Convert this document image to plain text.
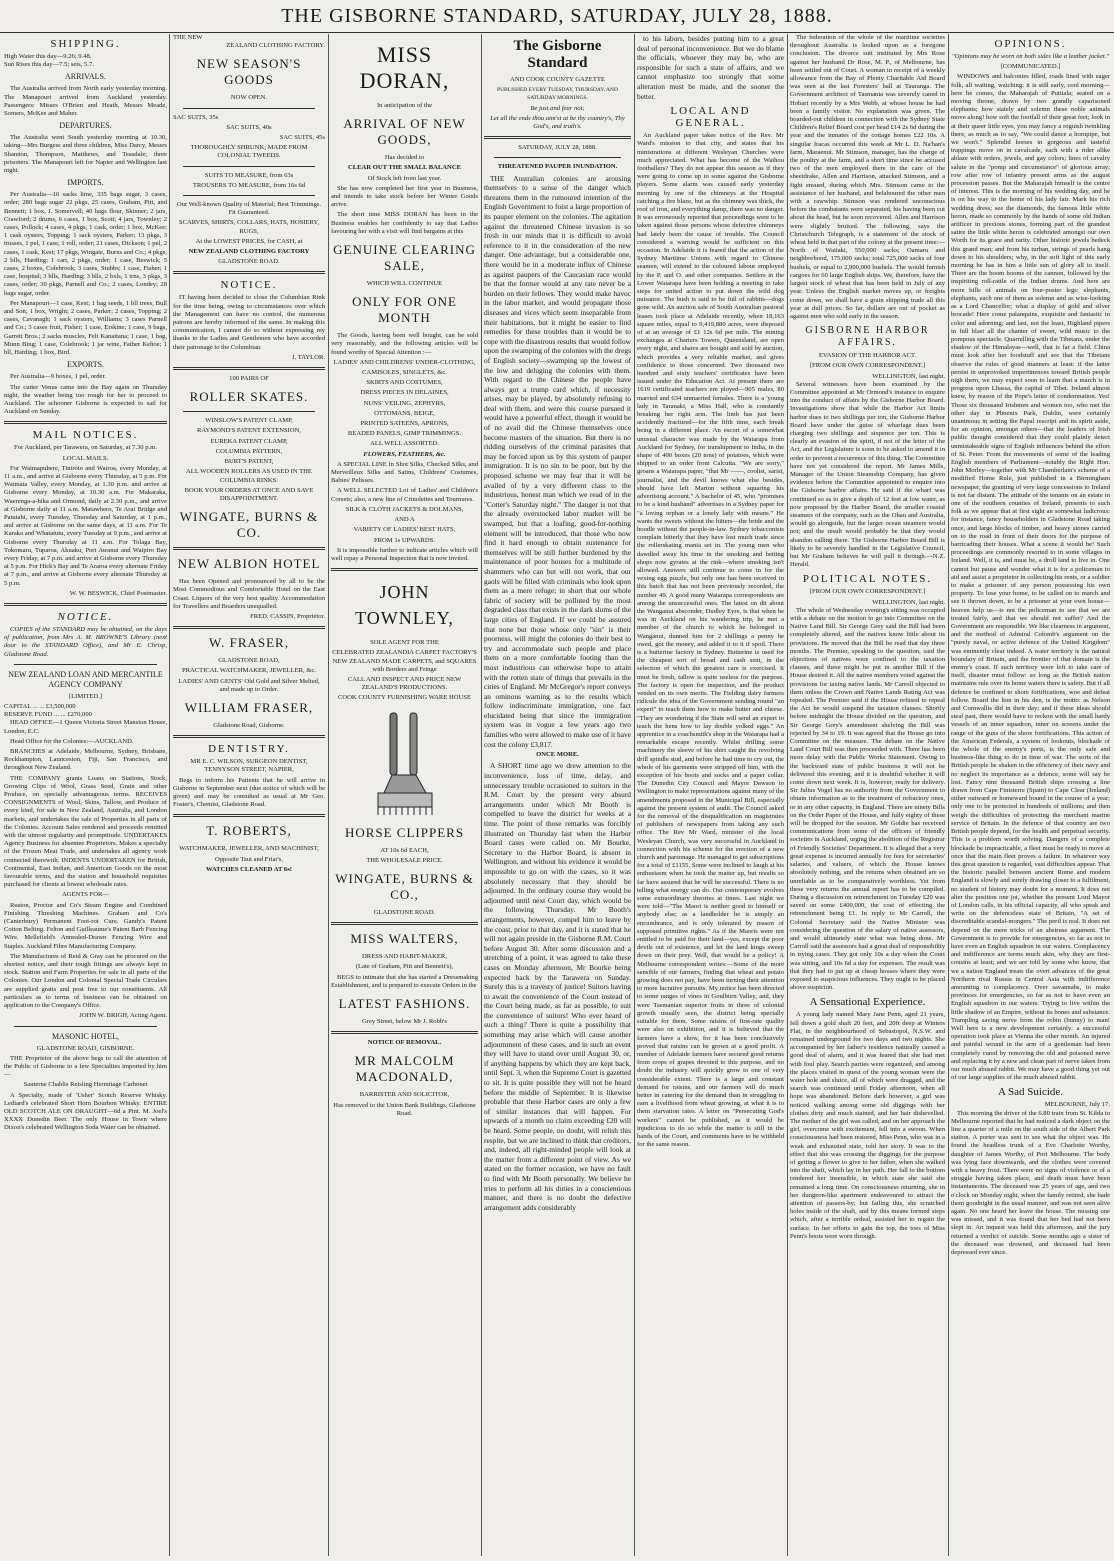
THE GISBORNE STANDARD, SATURDAY, JULY 28, 1888.
SHIPPING.
High Water this day—9.26; 9.48.
Sun Rises this day—7.5; sets, 5.7.
ARRIVALS.

The Australia arrived from North early yesterday morning. The Manapouri arrived from Auckland yesterday. Passengers: Misses O'Brien and Heath, Messrs Meade, Somers, McKee and Maher.

DEPARTURES.

The Australia went South yesterday morning at 10.30, taking—Mrs Burgess and three children, Miss Darcy, Messrs Shannon, Thompson, Matthews, and Teasdale; three prisoners. The Manapouri left for Napier and Wellington last night.

IMPORTS.

Per Australia—10 sacks lime, 335 bags sugar, 3 cases, order; 280 bags sugar 22 pkgs, 25 cases, Graham, Pitt, and Bennett; 1 box, J. Somervell; 40 bags flour, Skinner; 2 jars, Crawford; 2 drums, 6 cases, 1 box, Scott; 4 jars, Townley; 2 cases, Pollock; 4 cases, 4 pkgs, 1 cask, order; 1 box, McKee; 1 cask oysters, Topping; 1 sack oysters, Parker; 13 pkgs, 3 trusses, 1 pel, 1 case, 1 roll, order; 21 cases, Dickson; 1 pel, 2 cases, 1 cask, Kest; 17 pkgs, Wingate, Burns and Co.; 4 pkgs, 2 blls, Harding; 1 cart, 2 pkgs, order; 1 case, Beswick; 5 cases, 2 boxes, Colebrook; 3 cases, Stubbs; 1 case, Fisher; 1 case, hospital; 3 blls, Harding; 3 blls, 2 bxls, 1 trns, 3 pkgs, 3 cases, order; 30 pkgs, Parnell and Co.; 2 cases, Londey; 28 bags sugar, order.

Per Manapouri—1 case, Kest; 1 bag seeds, 1 bll trees, Bull and Son; 1 box, Wright; 2 cases, Parker; 2 cases, Topping; 2 cases, Cavanagh; 1 sack oysters, Williams; 3 cases Parnell and Co.; 3 cases fruit, Fisher; 1 case, Erskine; 1 case, 9 bags, Garrett Bros.; 2 sacks muscles, Feli Kanaitana; 1 case, 1 bag, Munn Bing; 1 case, Colebrook; 1 jar wine, Father Kehoe; 1 bll, Harding; 1 box, Bird.

EXPORTS.

Per Australia—9 boxes, 1 pel, order.

The cutter Venus came into the Bay again on Thursday night, the weather being too rough for her to proceed to Auckland. The schooner Gisborne is expected to sail for Auckland on Sunday.

MAIL NOTICES.
For Auckland, per Tarawera, on Saturday, at 7.30 p.m.
LOCAL MAILS.

For Waimapuhere, Tiniroto and Wairoa, every Monday, at 11 a.m., and arrive at Gisborne every Thursday, at 5 p.m. For Waimata Valley, every Monday, at 1.30 p.m. and arrive at Gisborne every Monday, at 10.30 a.m. For Makaraka, Waerenga-a-hika and Ormond, daily at 2.30 p.m., and arrive at Gisborne daily at 11 a.m. Matawhero, Te Arai Bridge and Patutahi, every Tuesday, Thursday and Saturday, at 1 p.m., and arrive at Gisborne on the same days, at 11 a.m. For Te Karaka and Whatatutu, every Tuesday at 9 p.m., and arrive at Gisborne every Thursday at 11 a.m. For Tolaga Bay, Tokomaru, Tuparoa, Akuaku, Port Awanui and Waipiro Bay every Friday, at 7 p.m. and arrive at Gisborne every Thursday at 5 p.m. For Hick's Bay and Te Araroa every alternate Friday at 7 p.m., and arrive at Gisborne every alternate Thursday at 5 p.m.

W. W. BESWICK, Chief Postmaster.
NOTICE.

COPIES of the STANDARD may be obtained, on the days of publication, from Mrs A. M. BROWNE'S Library (next door to the STANDARD Office), and Mr E. Chrisp, Gladstone Road.

NEW ZEALAND LOAN AND MERCANTILE AGENCY COMPANY
[LIMITED.]
CAPITAL ... ... £3,500,000
RESERVE FUND ... ... £270,000

HEAD OFFICE—1 Queen Victoria Street Mansion House, London, E.C.

Head Office for the Colonies:—AUCKLAND.

BRANCHES at Adelaide, Melbourne, Sydney, Brisbane, Rockhampton, Launceston, Fiji, San Francisco, and throughout New Zealand.

THE COMPANY grants Loans on Stations, Stock, Growing Clips of Wool, Grass Seed, Grain and other Produce, on specially advantageous terms. RECEIVES CONSIGNMENTS of Wool, Skins, Tallow, and Produce of every kind, for sale in New Zealand, Australia, and London markets, and undertakes the sale of Properties in all parts of the Colonies. Account Sales rendered and proceeds remitted with the utmost regularity and promptitude. UNDERTAKES Agency Business for absentee Proprietors. Makes a specialty of the Frozen Meat Trade, and undertakes all agency work connected therewith. INDENTS UNDERTAKEN for British, Continental, East Indian, and American Goods on the most favourable terms, and the station and household requisites purchased for clients at lowest wholesale rates.

AGENTS FOR—

Ruston, Proctor and Co's Steam Engine and Combined Finishing Threshing Machines. Graham and Co's (Canterbury) Permanent Foot-rot Cure. Gandy's Patent Cotton Belting. Felton and Guilleaume's Patent Barb Fencing Wire. Mellefield's Annealed-Drawn Fencing Wire and Staples. Auckland Fibre Manufacturing Company.

The Manufactures of Reid & Gray can be procured on the shortest notice, and their tough fittings are always kept in stock. Station and Farm Properties for sale in all parts of the Colonies. Our London and Colonial Special Trade Circulars are supplied gratis and post free to our constituents. All particulars as to terms of business can be obtained on application to the Company's Office.

JOHN W. BRIGH, Acting Agent.
MASONIC HOTEL,
GLADSTONE ROAD, GISBORNE.

THE Proprietor of the above begs to call the attention of the Public of Gisborne to a few Specialties imported by him—

Sauterne Chablis Reisling Hermitage Carbonet

A Specialty, made of 'Usher' Scotch Reserve Whisky. Lediard's celebrated Short Horn Bourbon Whisky. ENTIRE OLD SCOTCH ALE ON DRAUGHT—6d a Pint. M. Joel's XXXX Dunedin Beer. The only House in Town where Dixon's celebrated Wellington Soda Water can be obtained.

THE NEW
ZEALAND CLOTHING FACTORY.
NEW SEASON'S GOODS
NOW OPEN.
SAC SUITS, 35s
SAC SUITS, 40s
SAC SUITS, 45s
THOROUGHLY SHRUNK; MADE FROM COLONIAL TWEEDS.
SUITS TO MEASURE, from 63s
TROUSERS TO MEASURE, from 16s 6d
Our Well-known Quality of Material; Best Trimmings. Fit Guaranteed.
SCARVES, SHIRTS, COLLARS, HATS, HOSIERY, RUGS,
At the LOWEST PRICES, for CASH, at
NEW ZEALAND CLOTHING FACTORY
GLADSTONE ROAD.
NOTICE.

IT having been decided to close the Columbian Rink for the time being, owing to circumstances over which the Management can have no control, the numerous patrons are hereby informed of the same. In making this communication, I cannot do so without expressing my thanks to the Ladies and Gentlemen who have accorded their patronage to the Columbian.

J. TAYLOR.
100 PAIRS OF
ROLLER SKATES.
WINSLOW'S PATENT CLAMP,
RAYMOND'S PATENT EXTENSION,
EUREKA PATENT CLAMP,
COLUMBIA PATTERN,
BURT'S PATENT,
ALL WOODEN ROLLERS AS USED IN THE COLUMBIA RINKS.
BOOK YOUR ORDERS AT ONCE AND SAVE DISAPPOINTMENT.
WINGATE, BURNS & CO.
NEW ALBION HOTEL

Has been Opened and pronounced by all to be the Most Commodious and Comfortable Hotel on the East Coast. Liquors of the very best quality. Accommodation for Travellers and Boarders unequalled.

FRED. CASSIN, Proprietor.
W. FRASER,
GLADSTONE ROAD,
PRACTICAL WATCHMAKER, JEWELLER, &c.
LADIES' AND GENTS' Old Gold and Silver Melted, and made up to Order.
WILLIAM FRASER,
Gladstone Road, Gisborne.
DENTISTRY.
MR E. C. WILSON, SURGEON DENTIST, TENNYSON STREET, NAPIER,

Begs to inform his Patients that he will arrive in Gisborne in September next (due notice of which will be given) and may be consulted as usual at Mr Geo. Foster's, Chemist, Gladstone Road.

T. ROBERTS,
WATCHMAKER, JEWELLER, AND MACHINIST,
Opposite Taut and Friar's,
WATCHES CLEANED AT 6s!
MISS DORAN,
In anticipation of the
ARRIVAL OF NEW GOODS,
Has decided to
CLEAR OUT THE SMALL BALANCE
Of Stock left from last year.

She has now completed her first year in Business, and intends to take stock before her Winter Goods arrive.

The short time MISS DORAN has been in the Business enables her confidently to say that Ladies favouring her with a visit will find bargains at this

GENUINE CLEARING SALE,
WHICH WILL CONTINUE
ONLY FOR ONE MONTH

The Goods, having been well bought, can be sold very reasonably, and the following articles will be found worthy of Special Attention :—

LADIES' AND CHILDRENS' UNDER-CLOTHING,
CAMISOLES, SINGLETS, &c.
SKIRTS AND COSTUMES,
DRESS PIECES IN DELAINES,
NUNS' VEILING, ZEPHYRS,
OTTOMANS, BEIGE,
PRINTED SATEENS, APRONS,
BEADED PANELS, GIMP TRIMMINGS.
ALL WELL ASSORTED.
FLOWERS, FEATHERS, &c.

A SPECIAL LINE in Shot Silks, Checked Silks, and Merveilleux Silks and Satins, Childrens' Costumes, Babies' Pelisses.

A WELL SELECTED Lot of Ladies' and Children's Corsets; also, a new line of Crinolettes and Tournures.

SILK & CLOTH JACKETS & DOLMANS,
AND A
VARIETY OF LADIES' BEST HATS,
FROM 1s UPWARDS.

It is impossible further to indicate articles which will well repay a Personal Inspection that is now invited.

JOHN TOWNLEY,
SOLE AGENT FOR THE
CELEBRATED ZEALANDIA CARPET FACTORY'S NEW ZEALAND MADE CARPETS, and SQUARES with Borders and Fringe
CALL AND INSPECT AND PRICE NEW ZEALAND'S PRODUCTIONS.
COOK COUNTY FURNISHING WARE HOUSE
HORSE CLIPPERS
AT 10s 6d EACH,
THE WHOLESALE PRICE.
WINGATE, BURNS & CO.,
GLADSTONE ROAD.
MISS WALTERS,
DRESS AND HABIT-MAKER,
(Late of Graham, Pitt and Bennett's),

BEGS to intimate that she has started a Dressmaking Establishment, and is prepared to execute Orders in the

LATEST FASHIONS.
Grey Street, below Mr J. Robb's
NOTICE OF REMOVAL.
MR MALCOLM MACDONALD,
BARRISTER AND SOLICITOR,
Has removed to the Union Bank Buildings, Gladstone Road.
The Gisborne Standard
AND COOK COUNTY GAZETTE
PUBLISHED EVERY TUESDAY, THURSDAY, AND SATURDAY MORNINGS.
Be just and fear not;
Let all the ends thou aim'st at be thy country's, Thy God's, and truth's.
SATURDAY, JULY 28, 1888.
THREATENED PAUPER INUNDATION.

THE Australian colonies are arousing themselves to a sense of the danger which threatens them in the rumoured intention of the English Government to foist a large proportion of its pauper element on the colonies. The agitation against the threatened Chinese invasion is so fresh in our minds that it is difficult to avoid reference to it in the consideration of the new danger. One advantage, but a considerable one, there would be in a moderate influx of Chinese as against paupers of the Caucasian race would be that the former would at any rate never be a burden on their fellows. They would make havoc in the labor market, and would propagate those diseases and vices which seem inseparable from their habitations, but it might be easier to find remedies for these troubles than it would be to cope with the disastrous results that would follow upon the swamping of the colonies with the dregs of English society—swamping up the lowest of the low and deluging the colonies with them. With regard to the Chinese the people have always got a trump card which, if necessity arises, may be played, by absolutely refusing to deal with them, and were this course pursued it would have a powerful effect, though it would be of no avail did the Chinese themselves once become masters of the situation. But there is no ridding ourselves of the criminal parasites that may be forced upon us by this system of pauper immigration. It is no sin to be poor, but by the proposed scheme we may fear that it will be availed of by a very different class to the industrious, honest man which we read of in the "Cotter's Saturday night." The danger is not that the already overstocked labor market will be swamped, but that a loafing, good-for-nothing element will be introduced, that those who now find it hard enough to obtain sustenance for themselves will be still further burdened by the maintenance of poor houses for a multitude of shammers who can but will not work, that our gaols will be filled with criminals who look upon them as a mere refuge; in short that our whole fabric of society will be polluted by the most degraded class that exists in the dark slums of the large cities of England. If we could be assured that none but those whose only "sin" is their poorness, will might the colonies do their best to try and accommodate such people and place them on a more comfortable footing than the most industrious can otherwise hope to attain with the rotten state of things that prevails in the cities of England. Mr McGregor's report conveys an ominous warning as to the results which follow indiscriminate immigration, one fact elucidated being that since the immigration system was in vogue a few years ago two families who were allowed to make use of it have cost the colony £3,817.

ONCE MORE.

A SHORT time ago we drew attention to the inconvenience, loss of time, delay, and unnecessary trouble occasioned to suitors in the R.M. Court by the present very absurd arrangements under which Mr Booth is compelled to leave the district for weeks at a time. The point of those remarks was forcibly illustrated on Thursday last when the Harbor Board cases were called on. Mr Bourke, Secretary to the Harbor Board, is absent in Wellington, and without his evidence it would be impossible to go on with the cases, so it was absolutely necessary that they should be adjourned. In the ordinary course they would be adjourned until next Court day, which would be the following Thursday. Mr Booth's arrangements, however, compel him to leave by the coast, prior to that day, and it is stated that he will not again preside in the Gisborne R.M. Court before August 30. After some discussion and a stretching of a point, it was agreed to take these cases on Monday afternoon, Mr Bourke being expected back by the Tarawera on Sunday. Surely this is a travesty of justice! Suitors having to await the convenience of the Court instead of the Court being made, as far as possible, to suit the convenience of suitors! Who ever heard of such a thing? There is quite a possibility that something may arise which will cause another adjournment of these cases, and in such an event they will have to stand over until August 30, or, if anything happens by which they are kept back, until Sept. 3, when the Supreme Court is gazetted to sit. It is quite possible they will not be heard before the middle of September. It is likewise probable that these Harbor cases are only a few of similar instances that will happen. For upwards of a month no claim exceeding £20 will be heard. Some people, no doubt, will relish this respite, but we are inclined to think that creditors, and, indeed, all right-minded people will look at the matter from a different point of view. As we stated on the former occasion, we have no fault to find with Mr Booth personally. We believe he tries to perform all his duties in a conscientious manner, and there is no doubt the defective arrangement adds considerably

to his labors, besides putting him to a great deal of personal inconvenience. But we do blame the officials, whoever they may be, who are responsible for such a state of affairs, and we cannot emphasize too strongly that some alteration must be made, and the sooner the better.

LOCAL AND GENERAL.

An Auckland paper takes notice of the Rev. Mr Ward's mission to that city, and states that his ministrations at different Wesleyan Churches were much appreciated. What has become of the Waihou footballers? They do not appear this season as if they were going to come up to some against the Gisborne players. Some alarm was caused early yesterday morning by one of the chimneys at the Hospital catching a fire blaze, but as the chimney was thick, the roof of iron, and everything damp, there was no danger. It was erroneously reported that proceedings were to be taken against those persons whose defective chimneys had lately been the cause of trouble. The Council considered a warning would be sufficient on this occasion. In Adelaide it is feared that the action of the Sydney Maritime Unions with regard to Chinese seamen, will extend to the coloured labour employed by the P. and O. and other companies. Settlers in the Lower Waiarapa have been holding a meeting to take steps for united action to put down the wild dog nuisance. The bush is said to be full of rabbits—dogs gone wild. An auction sale of South Australian pastoral leases took place at Adelaide recently, when 18,163 square miles, equal to 9,419,880 acres, were disposed of at an average of £1 12s 6d per mile. The mining exchanges at Charters Towers, Queensland, are open every night, and shares are bought and sold by auction, which provides a very reliable market, and gives confidence to those concerned. Two thousand two hundred and sixty teachers' certificates have been issued under the Education Act. At present there are 1619 certificated teachers em ployed—905 males, 80 married and 634 unmarried females. There is a 'young lady in Taranaki, a Miss Hall, who is constantly breaking her right arm. The limb has just been accidently fractured—for the fifth time, each break being in a different place. An escort of a somewhat unusual character was made by the Waiarapa from Auckland for Sydney, for transhipment to India, in the shape of 400 boxes (20 tons) of potatoes, which were shipped to an order from Calcutta. "We are sorry," groans a Waiarapa paper, "that Mr ——, coolist, sarist, journalist, and the devil knows what else besides, should have left Marton without squaring his advertising account." A bachelor of 45, who "promises to be a kind husband" advertises in a Sydney paper for "a loving orphan or a lonely lady with means." He wants the sweets without the bitters—the bride and the hoodle without the people-in-law. Sydney tobacconists complain bitterly that they have lost much trade since the rollerskating mania set in. The young men who dawdled away his time in the smoking and betting shops now gyrates at the rink—where smoking isn't allowed. Answers still continue to come in for the vexing egg puzzle, but only one has been received in this batch that has not been previously recorded, the number 49. A good many Waiarapa correspondents are among the unsuccessful ones. The latest on dit about the Wanganui absconder, Dudley Eyre, is that when he was in Auckland on his wandering trip, he met a member of the church to which he belonged in Wanganui, dunned him for 2 shillings a penny he owed, got the money, and added it to it if spoil. There is a butterine factory in Sydney. Butterine is used for the cheapest sort of bread and cash sent, in the selection of which the greatest care is exercised. It must be fresh, tallow is quite useless for the purpose. The factory is open for inspection, and the product vended on its own merits. The Fielding dairy farmers ridicule the idea of the Government sending round "an expert" to teach them how to make butter and cheese. "They are wondering if the State will send an expert to teach the hens how to lay double yolked eggs." An apprentice in a coachsmith's shop in the Waiarapa had a remarkable escape recently. Whilst drilling some machinery the sleeve of his shirt caught the revolving drill spindle stud, and before he had time to cry out, the whole of his garments were stripped off him, with the exception of his boots and socks and a paper collar. The Dunedin City Council and Mayor Dawson to Wellington to make representations against many of the amendments proposed in the Municipal Bill, especially against the present system of audit. The Council asked for the removal of the disqualification on magistrates of publishers of newspapers from taking any such office. The Rev Mr Ward, minister of the local Wesleyan Church, was very successful in Auckland in connection with his scheme for the erection of a new church and parsonage. He managed to get subscriptions for a total of £1155. Some were inclined to laugh at his enthusiasm when he took the matter up, but results so far have assured that he will be successful. There is no telling what energy can do. Our contemporary evolves some extraordinary theories at times. Last night we were told—"The Maori is neither good to himself or anybody else; as a landholder he is simply an encumbrance, and is only tolerated by reason of supposed primitive rights." As if the Maoris were not entitled to be paid for their land—yes, except the poor devils out of existence, and let the land kings sweep down on their prey. Well, that would be a policy! A Melbourne correspondent writes:—Some of the more sensible of our farmers, finding that wheat and potato growing does not pay, have been turning their attention to more lucrative pursuits. My notice has been directed to some ranges of vines in Goulburn Valley, and, they were Tasmanian superior fruits in three of colonial growth usually seen, the district being specially suitable for them. Some raisins of first-rate quality were also on exhibition, and it is believed that the farmers have a show, for it has been conclusively proved that raisins can be grown at a good profit. A number of Adelaide farmers have secured good returns from crops of grapes devoted to this purpose, and no doubt the industry will quickly grow to one of very considerable extent. There is a large and constant demand for raisins, and our farmers will do much better in catering for the demand than in struggling to earn a livelihood from wheat growing, at what it is to them starvation rates. A letter on "Persecuting God's workers" cannot be published, as it would be injudicious to do so while the matter is still in the hands of the Court, and comments have to be withheld for the same reason.

The federation of the whole of the maritime societies throughout Australia is looked upon as a foregone conclusion. The divorce suit instituted by Mrs Rose against her husband Dr Rose, M. P., of Melbourne, has been settled out of Court. A woman in receipt of a weekly allowance from the Bay of Plenty Charitable Aid Board was seen at the last Foresters' ball at Tauranga. The Government architect of Tasmania was severely caned in Hobart recently by a Mrs Webb, at whose house he had been a family visitor. No explanation was given. The boarded-out children in connection with the Sydney State Children's Relief Board cost per head £14 2s 6d during the year and the inmates of the cottage homes £22 10s. A singular fracas occurred this week at Mr L. D. Na'han's farm, Maraenui. Mr Stimson, manager, has the charge of the poultry at the farm, and a short time since he accused two of the men employed there in the care of the sheetdrake, Allen and Harrison, attacked Stimson, and a fight ensued, during which Mrs. Stimson came to the assistance of her husband, and belaboured the other men with a rawwhip. Stimson was rendered unconscious before the combatants were separated, his having been cut about the head, but he soon recovered. Allen and Harrison were slightly bruised. The following, says the Christchurch Telegraph, is a statement of the stock of wheat held in that part of the colony at the present time:—North of Waitaki, 550,000 sacks; Oamaru and neighborhood, 175,000 sacks; total 725,000 sacks of four bushels, or equal to 2,900,000 bushels. The would furnish cargoes for 60 large English ships. We, therefore, have the largest stock of wheat that has been held in July of any year. Unless the English market moves up, or freights come down, we shall have a grain shipping trade all this year at dull prices. So far, dollars are out of pocket as against men who sold early in the season.

GISBORNE HARBOR AFFAIRS.
EVASION OF THE HARBOR ACT.
[FROM OUR OWN CORRESPONDENT.]
WELLINGTON, last night.

Several witnesses have been examined by the Committee appointed at Mr Ormond's instance to enquire into the conduct of affairs by the Gisborne Harbor Board. Invastigations show that while the Harbor Act limits harbor dues to two shillings per ton, the Gisborne Harbor Board have under the guise of wharfage dues been charging two shillings and sixpence per ton. This is clearly an evasion of the spirit, if not of the letter of the Act, and the Legislature is soon to be asked to amend it in order to prevent a recurrence of this thing. The Committee have not yet considered the report. Mr James Mills, Manager of the Union Steamship Company, has given evidence before the Committee appointed to enquire into the Gisborne harbor affairs. He said if the wharf was continued so as to give a depth of 12 feet at low water, as now proposed by the Harbor Board, the smaller coastal steamers of the company, such as the Ohau and Australia, would go alongside, but the larger ocean steamers would not; and the result would probably be that they would abandon calling there. The Gisborne Harbor Board Bill is likely to be severely handled in the Legislative Council, but Mr Graham believes he will pull it through.—N.Z. Herald.

POLITICAL NOTES.
[FROM OUR OWN CORRESPONDENT.]
WELLINGTON, last night.

The whole of Wednesday evening's sitting was occupied with a debate on the motion to go into Committee on the Native Land Bill. Sir George Grey said the Bill had been completely altered, and the natives know little about its provisions. He moved that the Bill be read that day three months. The Premier, speaking to the question, said the objections of natives were confined to the taxation clauses, and these might be put in another Bill if the House desired it. All the native members voted against the provisions for taxing native lands. Mr Carroll objected to them unless the Crown and Native Lands Rating Act was repealed. The Premier said if the House refused to repeal the Act he would suspend the taxation clauses. Shortly before midnight the House divided on the question, and Sir George Grey's amendment shelving the Bill was rejected by 34 to 19. It was agreed that the House go into Committee on the measure. The debate on the Native Land Court Bill was then proceeded with. There has been more delay with the Public Works Statement. Owing to the backward state of public business it will not be delivered this evening, and it is doubtful whether it will come down next week. It is, however, ready for delivery. Sir Julius Vogel has no authority from the Government to obtain information as to the treatment of refractory ones, or in any other capacity, in England. There are ninety Bills on the Order Paper of the House, and fully eighty of these will be dropped for the session. Mr Goldie has received communications from some of the officers of friendly societies in Auckland, urging the abolition of the Registrar of Friendly Societies' Department. It is alleged that a very great expense is incurred annually for fees for secretaries' salaries, and valuers, of which the House knows absolutely nothing, and the returns when obtained are so unreliable as to be comparatively worthless. Yet from these very returns the annual report has to be compiled. During a discussion on retrenchment on Tuesday £20 was saved on some £400,000, the cost of effecting the retrenchment being £1. In reply to Mr Carroll, the Colonial Secretary said the Native Minister was considering the question of the salary of native assessors, and would ultimately state what was being done. Mr Carroll said the assessors had a great deal of responsibility in trying cases. They got only 10s a day when the Court was sitting, and 10s 6d a day for expenses. The result was that they had to put up at cheap houses where they were exposed to suspicious influences. They ought to be placed above suspicion.

A Sensational Experience.

A young lady named Mary Jane Penn, aged 21 years, fell down a gold shaft 20 feet, and 20ft deep at Winters Flat, in the neighbourhood of Sebastopol, N.S.W. and remained underground for two days and two nights. She accompanied by her father's residence naturally caused a good deal of alarm, and it was feared that she had met with foul play. Search parties were organized, and among the places visited in quest of the young woman were the water hole and sluice, all of which were dragged, and the search was continued until Friday afternoon, when all hope was abandoned. Before dark however, a girl was noticed walking among some old diggings with her clothes dirty and much stained, and her hair dishevelled. The mother of the girl was called, and on her approach the girl, overcome with excitement, fell into a swoon. When consciousness had been restored, Miss Penn, who was in a weak and exhausted state, told her story. It was to the effect that she was crossing the diggings for the purpose of getting a flower to give to her father, when she walked into the shaft, which lay in her path. Her fall to the bottom rendered her insensible, in which state she said she remained a long time. On consciousness returning, she in her dungeon-like apartment endeavoured to attract the attention of passers-by; but failing this, she scratched holes inside of the shaft, and by this means formed steps which, after a terrible ordeal, assisted her to regain the surface. In her efforts to gain the top, the toes of Miss Penn's boots were worn through.

OPINIONS.
"Opinions may be worn on both sides like a leather jacket."
[COMMUNICATED.]

WINDOWS and balconies filled, roads lined with eager folk, all waiting, watching: it is still early, cool morning—here he comes, the Maharajah of Puttiala; seated on a moving throne, drawn by two grandly caparisoned elephants; how stately and solemn these noble animals move along! how soft the footfall of their great feet; look in at their queer little eyes, you may fancy a roguish twinkling there, as much as to say, "We could dance a hornpipe, but we won't." Splendid horses in gorgeous and tasteful trappings move on in cavalcade, each with a rider alike ablaze with orders, jewels, and gay colors; lines of cavalry salute in the "pomp and circumstance" of glorious array; row after row of infantry present arms as the august procession passes. But the Maharajah himself is the centre of interest. This is the morning of his wedding day, and he is on his way to the home of his lady fair. Mark his rich wedding dress; see the diamonds, the famous little white heron, made so commonly by the hands of some old Indian artificer in precious stones, forming part of the grandest satire the little white heron is celebrated amongst our own Worth for its grace and rarity. Other historic jewels bedeck this grand man; and from his turban, strings of pearls hang down to his shoulders; why, in the soft light of this early morning he has in him a little sun of glory all to itself. There are the boom booms of the cannon, followed by the inspiriting roll-rattle of the Indian drums. And here are more bills of animals on four-poster legs: elephants, elephants, each one of them as solemn and as wise-looking as a Lord Chancellor; what a display of gold and silver brocade! Here come palanquins, exquisite and fantastic in color and adorning; and last, not the least, Highland pipers in full blast all the chanter of sweet, wild music to the pompous spectacle. Quarrelling with the Tibetans, under the shadow of the Himalayas—well, that is far a field. China must look after her foodstuff and see that the Tibetans observe the rules of good manners at least: if the latter persist in unprovoked impertinences toward British people nigh them, we may expect soon to learn that a march is in progress upon Lhassa, the capital of Tibet. Ireland almost knew, by reason of the Pope's letter of condemnation. Yes! Those six thousand Irishmen and women too, who met the other day in Phoenix Park, Dublin, were certainly unanimous in setting the Papal rescript and its spirit aside, for an opinion, amongst others—that the leaders of Irish public thought considered that they could plainly detect unmistakeable signs of English influences behind the effort of St. Peter. From the movements of some of the leading English members of Parliament—notably the Right Hon. John Morley—together with Mr Chamberlain's scheme of a modified Home Rule, just published in a Birmingham newspaper, the granting of very large concessions to Ireland is not far distant. The attitude of the tenants on an estate in one of the southern counties of Ireland, presents to such folk as we appear that at first sight an somewhat ludicrous: for instance, fancy householders in Gladstone Road taking once, and large blocks of timber, and heavy stones carried on to the road in front of their doors for the purpose of barricading their houses. What a scene it would be! Such proceedings are commonly resorted to in some villages in Ireland. Well, it is, and must be, a droll land to live in. One cannot but pause and wonder what it is for a policeman to aid and assist a proprietor in collecting his rents, or a soldier to make a prisoner of any person possessing his own property. To lose your home, to be called on to march and see it thrown down, to be a prisoner at your own house—heaven help us—is not the policeman to see that we are treated fairly, and that we should not suffer? And the Government are responsible. We like clearness in argument, and the method of Admiral Colomb's argument on the "purely naval, or active defence of the United Kingdom" was eminently clear indeed. A water territory is the natural boundary of Britain, and the frontier of that domain is the enemy's coast. If such territory were left to take care of itself, disaster must follow: so long as the British nation maintains rule over its home waters there is safety. But if all defence be confined to shore fortifications, woe and defeat follow. Board the lion in his den, is the motto: as Nelson and Cornwallis did in their day; and if these ideas should steal past, there would have to reckon with the small hardy vessels of an inner squadron, inner on screens under the range of the guns of the shore fortifications. This action of the American Federals, a system of lookouts, blockade of the whole of the enemy's ports, is the only safe and business-like thing to do in time of war. The sorts of the British people be shaken in the efficiency of their navy and no neglect its importance as a defence, some will say be lost. Fancy nine thousand British ships crossing a line drawn from Cape Finisterre (Spain) to Cape Clear (Ireland) either outward or homeward bound in the course of a year; only one to be protected in hundreds of millions; and then weigh the difficulties of protecting the merchant marine service of Britain. In the defence of that country are two British people depend, for the health and perpetual security. This is a problem worth solving. Dangers of a complete blockade be impracticable, a fleet must be ready to move at once that the main fleet proves a failure. In whatever way this great question is regarded, vast difficulties appear. That the historic parallel between ancient Rome and modern England is slowly and surely drawing closer to a fulfilment, no student of history may doubt for a moment. It does not alter the position one jot, whether the present Lord Mayor of London calls, in his official capacity, all who speak and write on the defenceless state of Britain, "A set of discreditable scandal-mongers." The peril is real. It does not depend on the mere tricks of an abstruse argument. The Government is to provide for emergencies, so far as not to have even an English squadron in our waters. Complacency and indifference are terms much akin, why they are first-cousins at least; and we are told by some who know, that we a nation England treats the overt advances of the great Northern rival Russia in Central Asia with indifference amounting to complacency. Over savannahs, to make provinces for emergencies, so far as not to have even an English squadron in our waters. Trying to live within the little shadow of an Empire, without its bones and substance. Trampling saving nerve from the robin (bunny) to man! Well here is a new development certainly: a successful operation took place at Vienna the other month. An injured and painful wound in the arm of a gentleman had been completely cured by removing the old and poisoned nerve and replacing it by a new and clean part of nerve taken from our much abused rabbit. We may have a good thing yet out of our large supplies of the much abused rabbit.

A Sad Suicide.
MELBOURNE, July 17.

This morning the driver of the 6.80 train from St. Kilda to Melbourne reported that he had noticed a dark object on the line a quarter of a mile on the south side of the Albert Park station. A porter was sent to see what the object was. He found the headless trunk of a Eve Charlotte Worthy, daughter of James Worthy, of Port Melbourne. The body was lying face downwards, and the clothes were covered with a heavy frost. There were no signs of violence or of a struggle having taken place, and death must have been instantaneous. The deceased was 25 years of age, and two o'clock on Monday night, when the family retired, she bade them goodnight in the usual manner, and was not seen alive again. No one heard her leave the house. The missing one was missed, and it was found that her bed had not been slept in. An inquest was held this afternoon, and the jury returned a verdict of suicide. Some months ago a sister of the deceased was drowned, and deceased had been depressed ever since.
